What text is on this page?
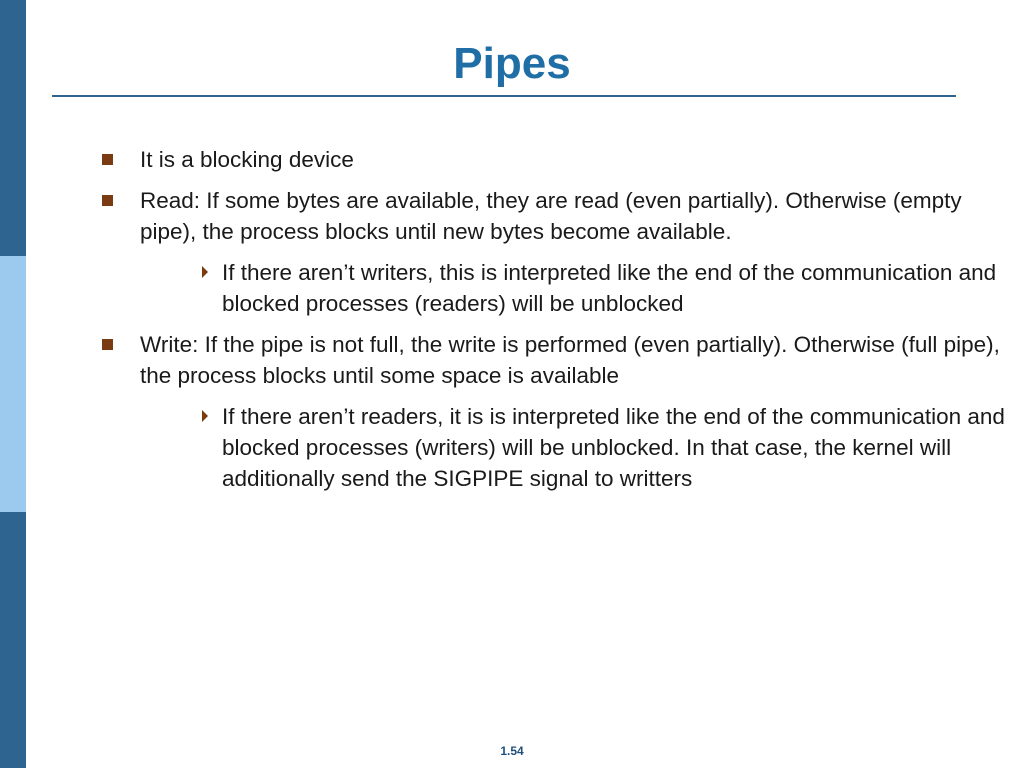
Pipes
It is a blocking device
Read: If some bytes are available, they are read (even partially). Otherwise (empty pipe), the process blocks until new bytes become available.
If there aren’t writers, this is interpreted like the end of the communication and blocked processes (readers) will be unblocked
Write: If the pipe is not full, the write is performed (even partially). Otherwise (full pipe), the process blocks until some space is available
If there aren’t readers, it is is interpreted like the end of the communication and blocked processes (writers) will be unblocked. In that case, the kernel will additionally send the SIGPIPE signal to writters
1.54
